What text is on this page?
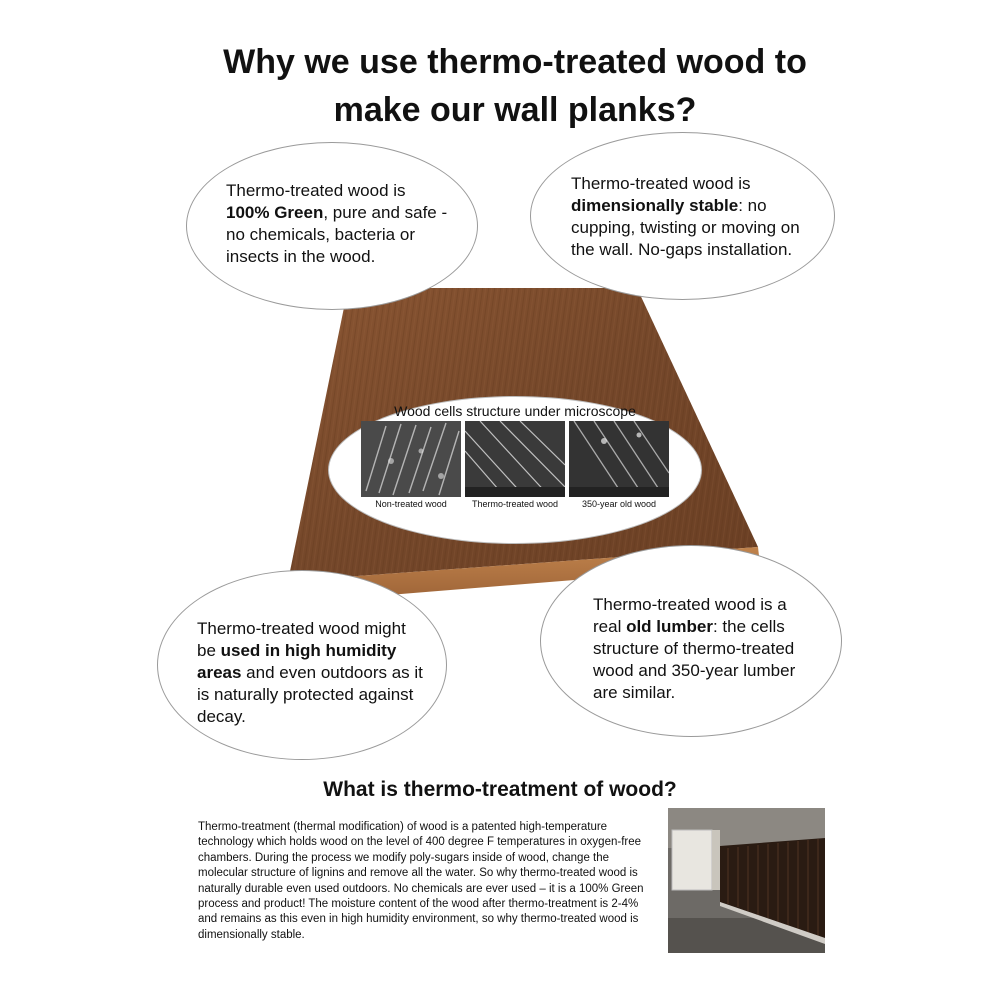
Why we use thermo-treated wood to
make our wall planks?
Thermo-treated wood is 100% Green, pure and safe - no chemicals, bacteria or insects in the wood.
Thermo-treated wood is dimensionally stable: no cupping, twisting or moving on the wall. No-gaps installation.
Wood cells structure under microscope
Non-treated wood	Thermo-treated wood	350-year old wood
Thermo-treated wood might be used in high humidity areas and even outdoors as it is naturally protected against decay.
Thermo-treated wood is a real old lumber: the cells structure of thermo-treated wood and 350-year lumber are similar.
What is thermo-treatment of wood?
Thermo-treatment (thermal modification) of wood is a patented high-temperature technology which holds wood on the level of 400 degree F temperatures in oxygen-free chambers. During the process we modify poly-sugars inside of wood, change the molecular structure of lignins and remove all the water. So why thermo-treated wood is naturally durable even used outdoors. No chemicals are ever used – it is a 100% Green process and product! The moisture content of the wood after thermo-treatment is 2-4% and remains as this even in high humidity environment, so why thermo-treated wood is dimensionally stable.
